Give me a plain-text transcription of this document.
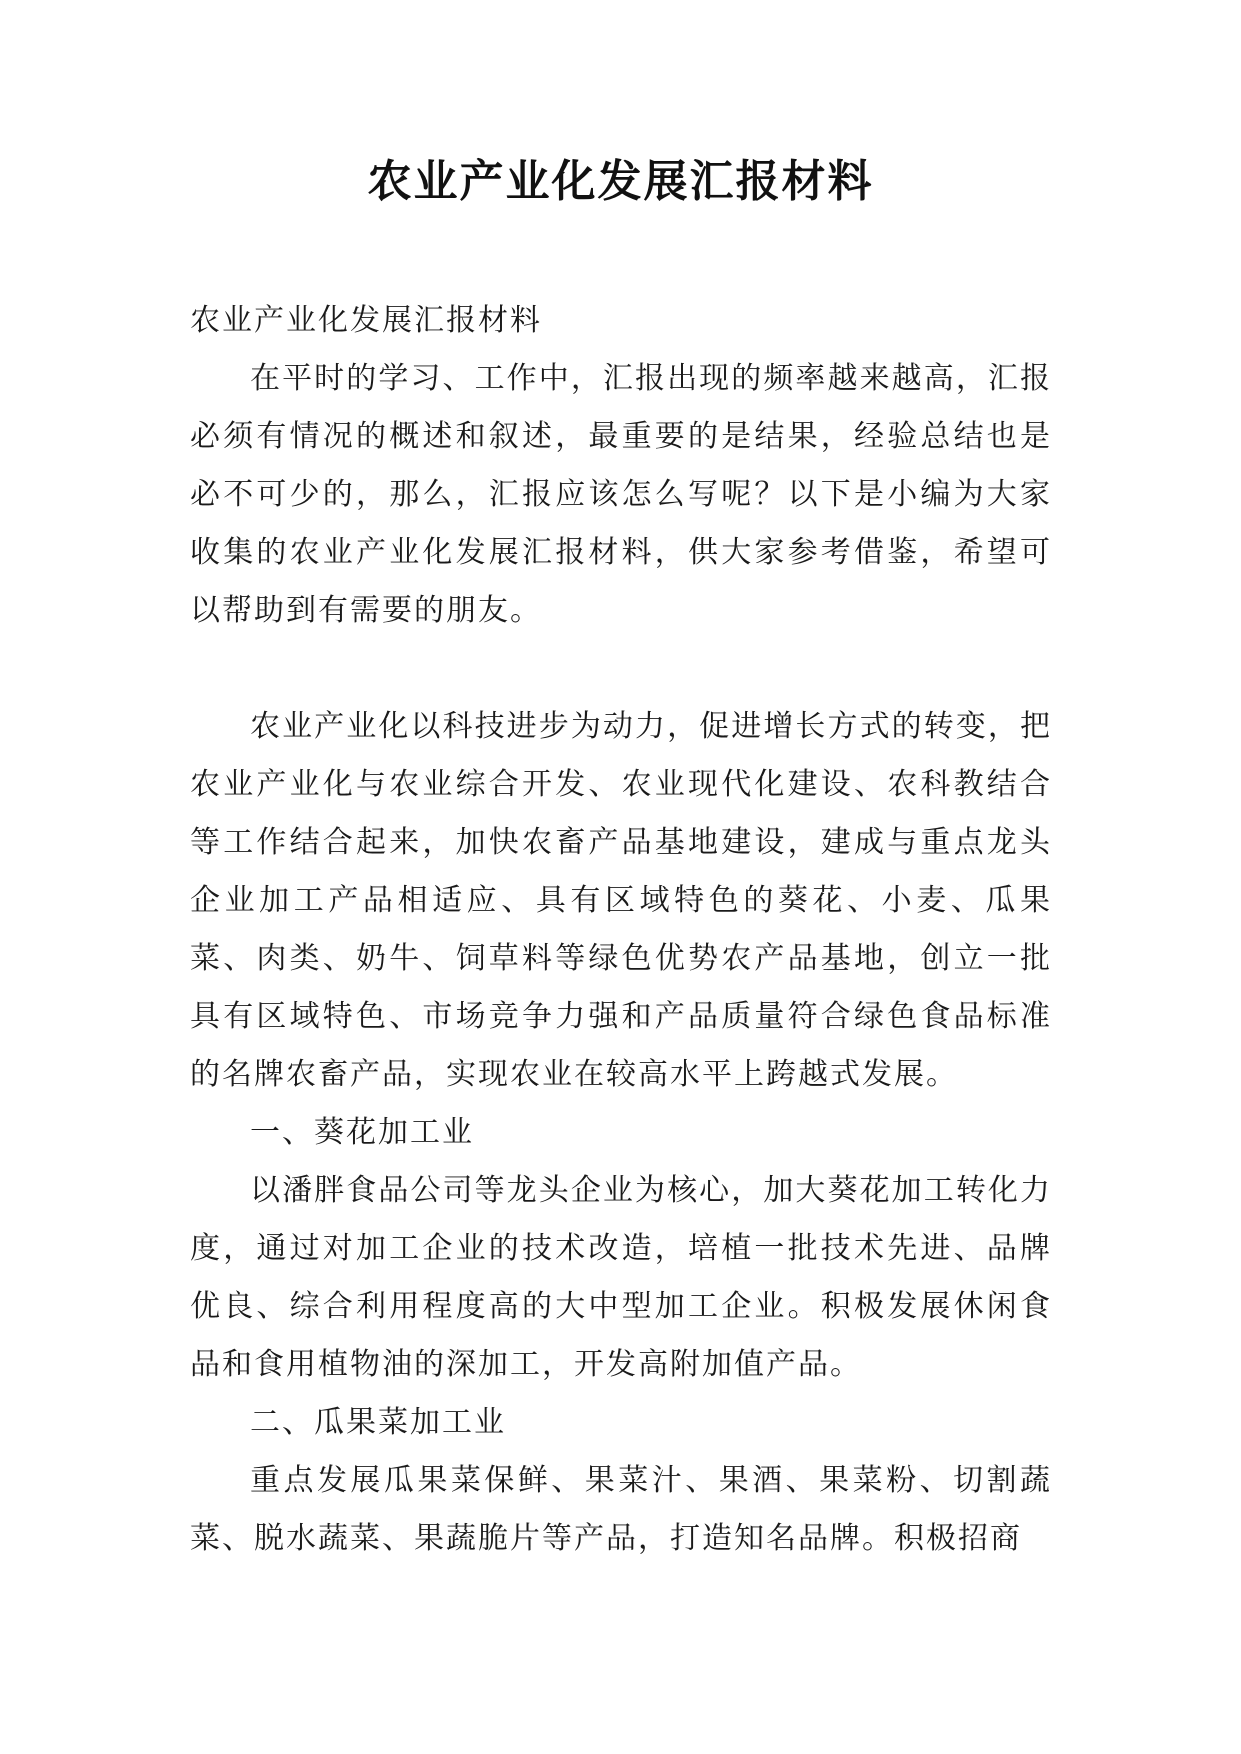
农业产业化发展汇报材料

农业产业化发展汇报材料

在平时的学习、工作中，汇报出现的频率越来越高，汇报必须有情况的概述和叙述，最重要的是结果，经验总结也是必不可少的，那么，汇报应该怎么写呢？以下是小编为大家收集的农业产业化发展汇报材料，供大家参考借鉴，希望可以帮助到有需要的朋友。

农业产业化以科技进步为动力，促进增长方式的转变，把农业产业化与农业综合开发、农业现代化建设、农科教结合等工作结合起来，加快农畜产品基地建设，建成与重点龙头企业加工产品相适应、具有区域特色的葵花、小麦、瓜果菜、肉类、奶牛、饲草料等绿色优势农产品基地，创立一批具有区域特色、市场竞争力强和产品质量符合绿色食品标准的名牌农畜产品，实现农业在较高水平上跨越式发展。

一、葵花加工业

以潘胖食品公司等龙头企业为核心，加大葵花加工转化力度，通过对加工企业的技术改造，培植一批技术先进、品牌优良、综合利用程度高的大中型加工企业。积极发展休闲食品和食用植物油的深加工，开发高附加值产品。

二、瓜果菜加工业

重点发展瓜果菜保鲜、果菜汁、果酒、果菜粉、切割蔬菜、脱水蔬菜、果蔬脆片等产品，打造知名品牌。积极招商
